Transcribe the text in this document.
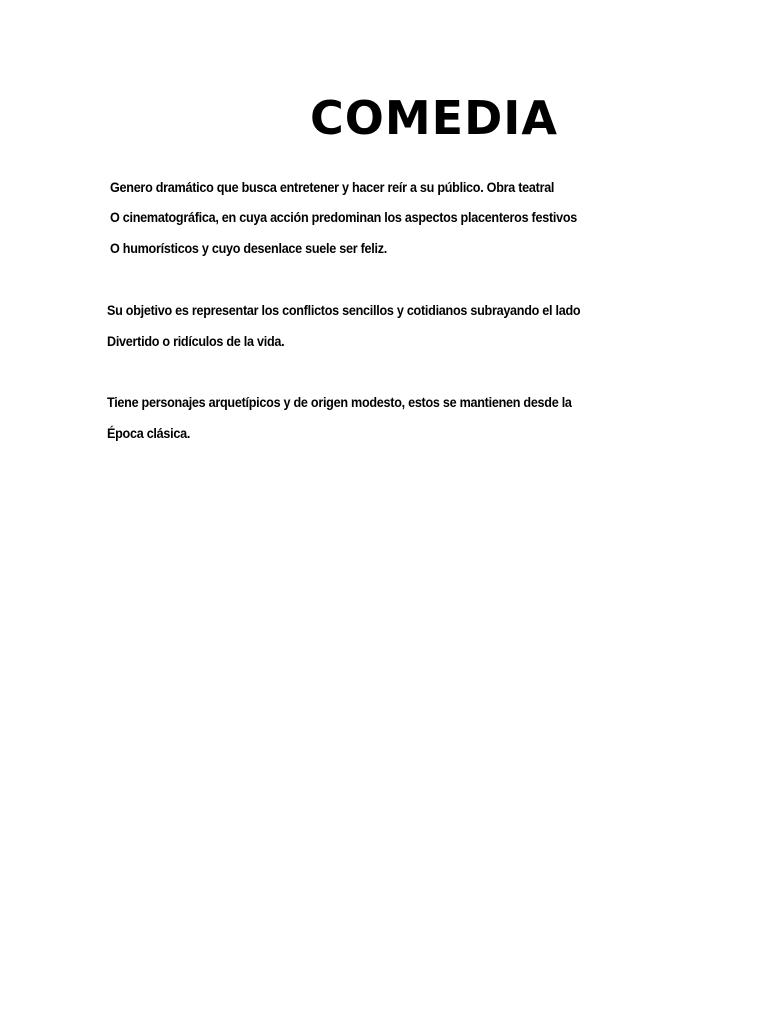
COMEDIA

Genero dramático que busca entretener y hacer reír a su público. Obra teatral

O cinematográfica, en cuya acción predominan los aspectos placenteros festivos

O humorísticos y cuyo desenlace suele ser feliz.

Su objetivo es representar los conflictos sencillos y cotidianos subrayando el lado

Divertido o ridículos de la vida.

Tiene personajes arquetípicos y de origen modesto, estos se mantienen desde la

Época clásica.
